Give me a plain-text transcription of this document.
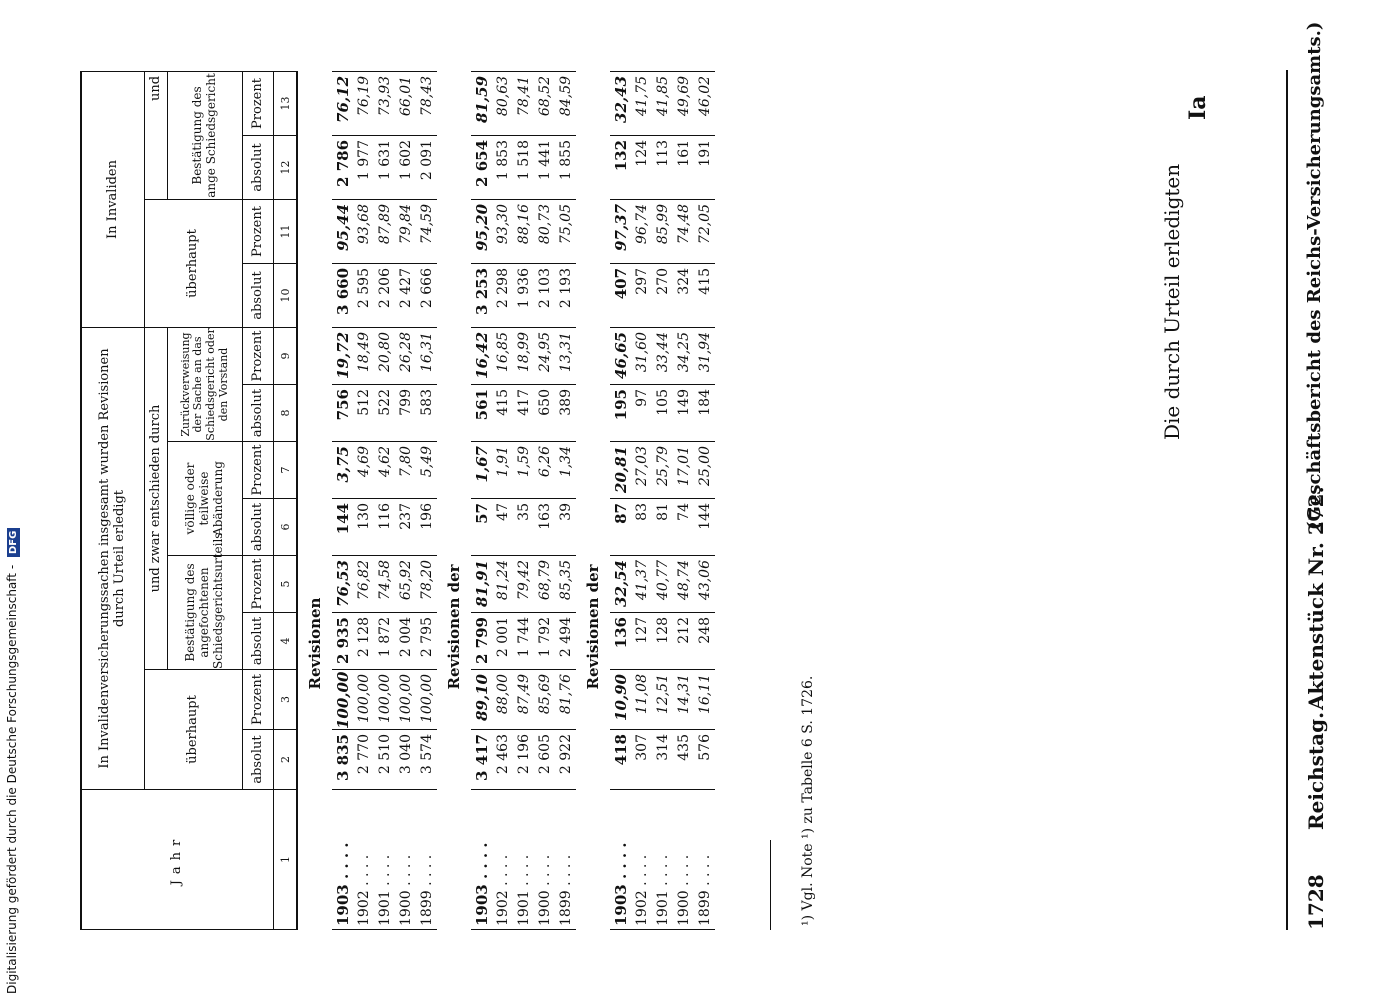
1728
Reichstag.
Aktenstück Nr. 272.
(Geschäftsbericht des Reichs-Versicherungsamts.)
Die durch Urteil erledigten
Ia
Jahr	In Invalidenversicherungssachen insgesamt wurden Revisionen durch Urteil erledigt								In Invaliden			
	überhaupt		und zwar entschieden durch						überhaupt		und	
			Bestätigung des angefochtenen Schiedsgerichtsurteils		völlige oder teilweise Abänderung		Zurückverweisung der Sache an das Schiedsgericht oder den Vorstand				Bestätigung des ange Schiedsgericht	
	absolut	Prozent	absolut	Prozent	absolut	Prozent	absolut	Prozent	absolut	Prozent	absolut	Prozent
1	2	3	4	5	6	7	8	9	10	11	12	13
Revisionen												
1903 . . . .	3 835	100,00	2 935	76,53	144	3,75	756	19,72	3 660	95,44	2 786	76,12
1902 . . . .	2 770	100,00	2 128	76,82	130	4,69	512	18,49	2 595	93,68	1 977	76,19
1901 . . . .	2 510	100,00	1 872	74,58	116	4,62	522	20,80	2 206	87,89	1 631	73,93
1900 . . . .	3 040	100,00	2 004	65,92	237	7,80	799	26,28	2 427	79,84	1 602	66,01
1899 . . . .	3 574	100,00	2 795	78,20	196	5,49	583	16,31	2 666	74,59	2 091	78,43
Revisionen der												
1903 . . . .	3 417	89,10	2 799	81,91	57	1,67	561	16,42	3 253	95,20	2 654	81,59
1902 . . . .	2 463	88,00	2 001	81,24	47	1,91	415	16,85	2 298	93,30	1 853	80,63
1901 . . . .	2 196	87,49	1 744	79,42	35	1,59	417	18,99	1 936	88,16	1 518	78,41
1900 . . . .	2 605	85,69	1 792	68,79	163	6,26	650	24,95	2 103	80,73	1 441	68,52
1899 . . . .	2 922	81,76	2 494	85,35	39	1,34	389	13,31	2 193	75,05	1 855	84,59
Revisionen der												
1903 . . . .	418	10,90	136	32,54	87	20,81	195	46,65	407	97,37	132	32,43
1902 . . . .	307	11,08	127	41,37	83	27,03	97	31,60	297	96,74	124	41,75
1901 . . . .	314	12,51	128	40,77	81	25,79	105	33,44	270	85,99	113	41,85
1900 . . . .	435	14,31	212	48,74	74	17,01	149	34,25	324	74,48	161	49,69
1899 . . . .	576	16,11	248	43,06	144	25,00	184	31,94	415	72,05	191	46,02
¹) Vgl. Note ¹) zu Tabelle 6 S. 1726.
Digitalisierung gefördert durch die Deutsche Forschungsgemeinschaft - DFG
